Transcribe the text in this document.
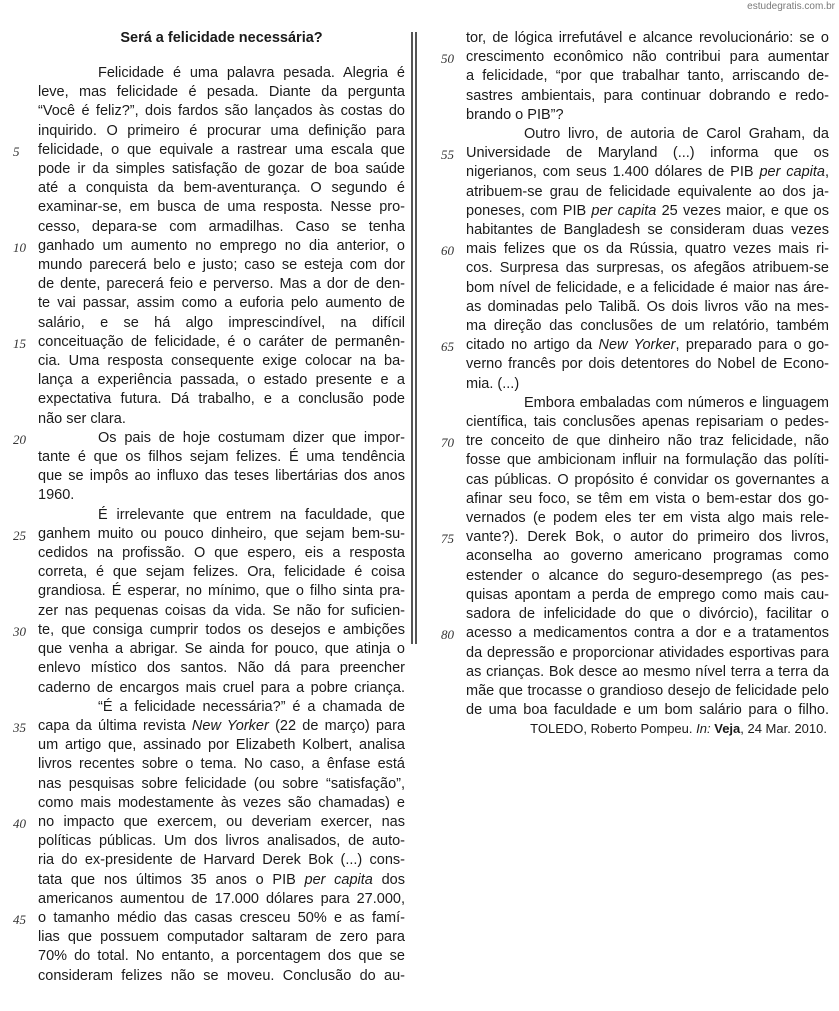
estudegratis.com.br
Será a felicidade necessária?
Felicidade é uma palavra pesada. Alegria é
leve, mas felicidade é pesada. Diante da pergunta
“Você é feliz?”, dois fardos são lançados às costas do
inquirido. O primeiro é procurar uma definição para
felicidade, o que equivale a rastrear uma escala que
pode ir da simples satisfação de gozar de boa saúde
até a conquista da bem-aventurança. O segundo é
examinar-se, em busca de uma resposta. Nesse pro-
cesso, depara-se com armadilhas. Caso se tenha
ganhado um aumento no emprego no dia anterior, o
mundo parecerá belo e justo; caso se esteja com dor
de dente, parecerá feio e perverso. Mas a dor de den-
te vai passar, assim como a euforia pelo aumento de
salário, e se há algo imprescindível, na difícil
conceituação de felicidade, é o caráter de permanên-
cia. Uma resposta consequente exige colocar na ba-
lança a experiência passada, o estado presente e a
expectativa futura. Dá trabalho, e a conclusão pode
não ser clara.
Os pais de hoje costumam dizer que impor-
tante é que os filhos sejam felizes. É uma tendência
que se impôs ao influxo das teses libertárias dos anos
1960.
É irrelevante que entrem na faculdade, que
ganhem muito ou pouco dinheiro, que sejam bem-su-
cedidos na profissão. O que espero, eis a resposta
correta, é que sejam felizes. Ora, felicidade é coisa
grandiosa. É esperar, no mínimo, que o filho sinta pra-
zer nas pequenas coisas da vida. Se não for suficien-
te, que consiga cumprir todos os desejos e ambições
que venha a abrigar. Se ainda for pouco, que atinja o
enlevo místico dos santos. Não dá para preencher
caderno de encargos mais cruel para a pobre criança.
“É a felicidade necessária?” é a chamada de
capa da última revista New Yorker (22 de março) para
um artigo que, assinado por Elizabeth Kolbert, analisa
livros recentes sobre o tema. No caso, a ênfase está
nas pesquisas sobre felicidade (ou sobre “satisfação”,
como mais modestamente às vezes são chamadas) e
no impacto que exercem, ou deveriam exercer, nas
políticas públicas. Um dos livros analisados, de auto-
ria do ex-presidente de Harvard Derek Bok (...) cons-
tata que nos últimos 35 anos o PIB per capita dos
americanos aumentou de 17.000 dólares para 27.000,
o tamanho médio das casas cresceu 50% e as famí-
lias que possuem computador saltaram de zero para
70% do total. No entanto, a porcentagem dos que se
consideram felizes não se moveu. Conclusão do au-
tor, de lógica irrefutável e alcance revolucionário: se o
crescimento econômico não contribui para aumentar
a felicidade, “por que trabalhar tanto, arriscando de-
sastres ambientais, para continuar dobrando e redo-
brando o PIB”?
Outro livro, de autoria de Carol Graham, da
Universidade de Maryland (...) informa que os
nigerianos, com seus 1.400 dólares de PIB per capita,
atribuem-se grau de felicidade equivalente ao dos ja-
poneses, com PIB per capita 25 vezes maior, e que os
habitantes de Bangladesh se consideram duas vezes
mais felizes que os da Rússia, quatro vezes mais ri-
cos. Surpresa das surpresas, os afegãos atribuem-se
bom nível de felicidade, e a felicidade é maior nas áre-
as dominadas pelo Talibã. Os dois livros vão na mes-
ma direção das conclusões de um relatório, também
citado no artigo da New Yorker, preparado para o go-
verno francês por dois detentores do Nobel de Econo-
mia. (...)
Embora embaladas com números e linguagem
científica, tais conclusões apenas repisariam o pedes-
tre conceito de que dinheiro não traz felicidade, não
fosse que ambicionam influir na formulação das políti-
cas públicas. O propósito é convidar os governantes a
afinar seu foco, se têm em vista o bem-estar dos go-
vernados (e podem eles ter em vista algo mais rele-
vante?). Derek Bok, o autor do primeiro dos livros,
aconselha ao governo americano programas como
estender o alcance do seguro-desemprego (as pes-
quisas apontam a perda de emprego como mais cau-
sadora de infelicidade do que o divórcio), facilitar o
acesso a medicamentos contra a dor e a tratamentos
da depressão e proporcionar atividades esportivas para
as crianças. Bok desce ao mesmo nível terra a terra da
mãe que trocasse o grandioso desejo de felicidade pelo
de uma boa faculdade e um bom salário para o filho.
5
10
15
20
25
30
35
40
45
50
55
60
65
70
75
80
TOLEDO, Roberto Pompeu. In: Veja, 24 Mar. 2010.
